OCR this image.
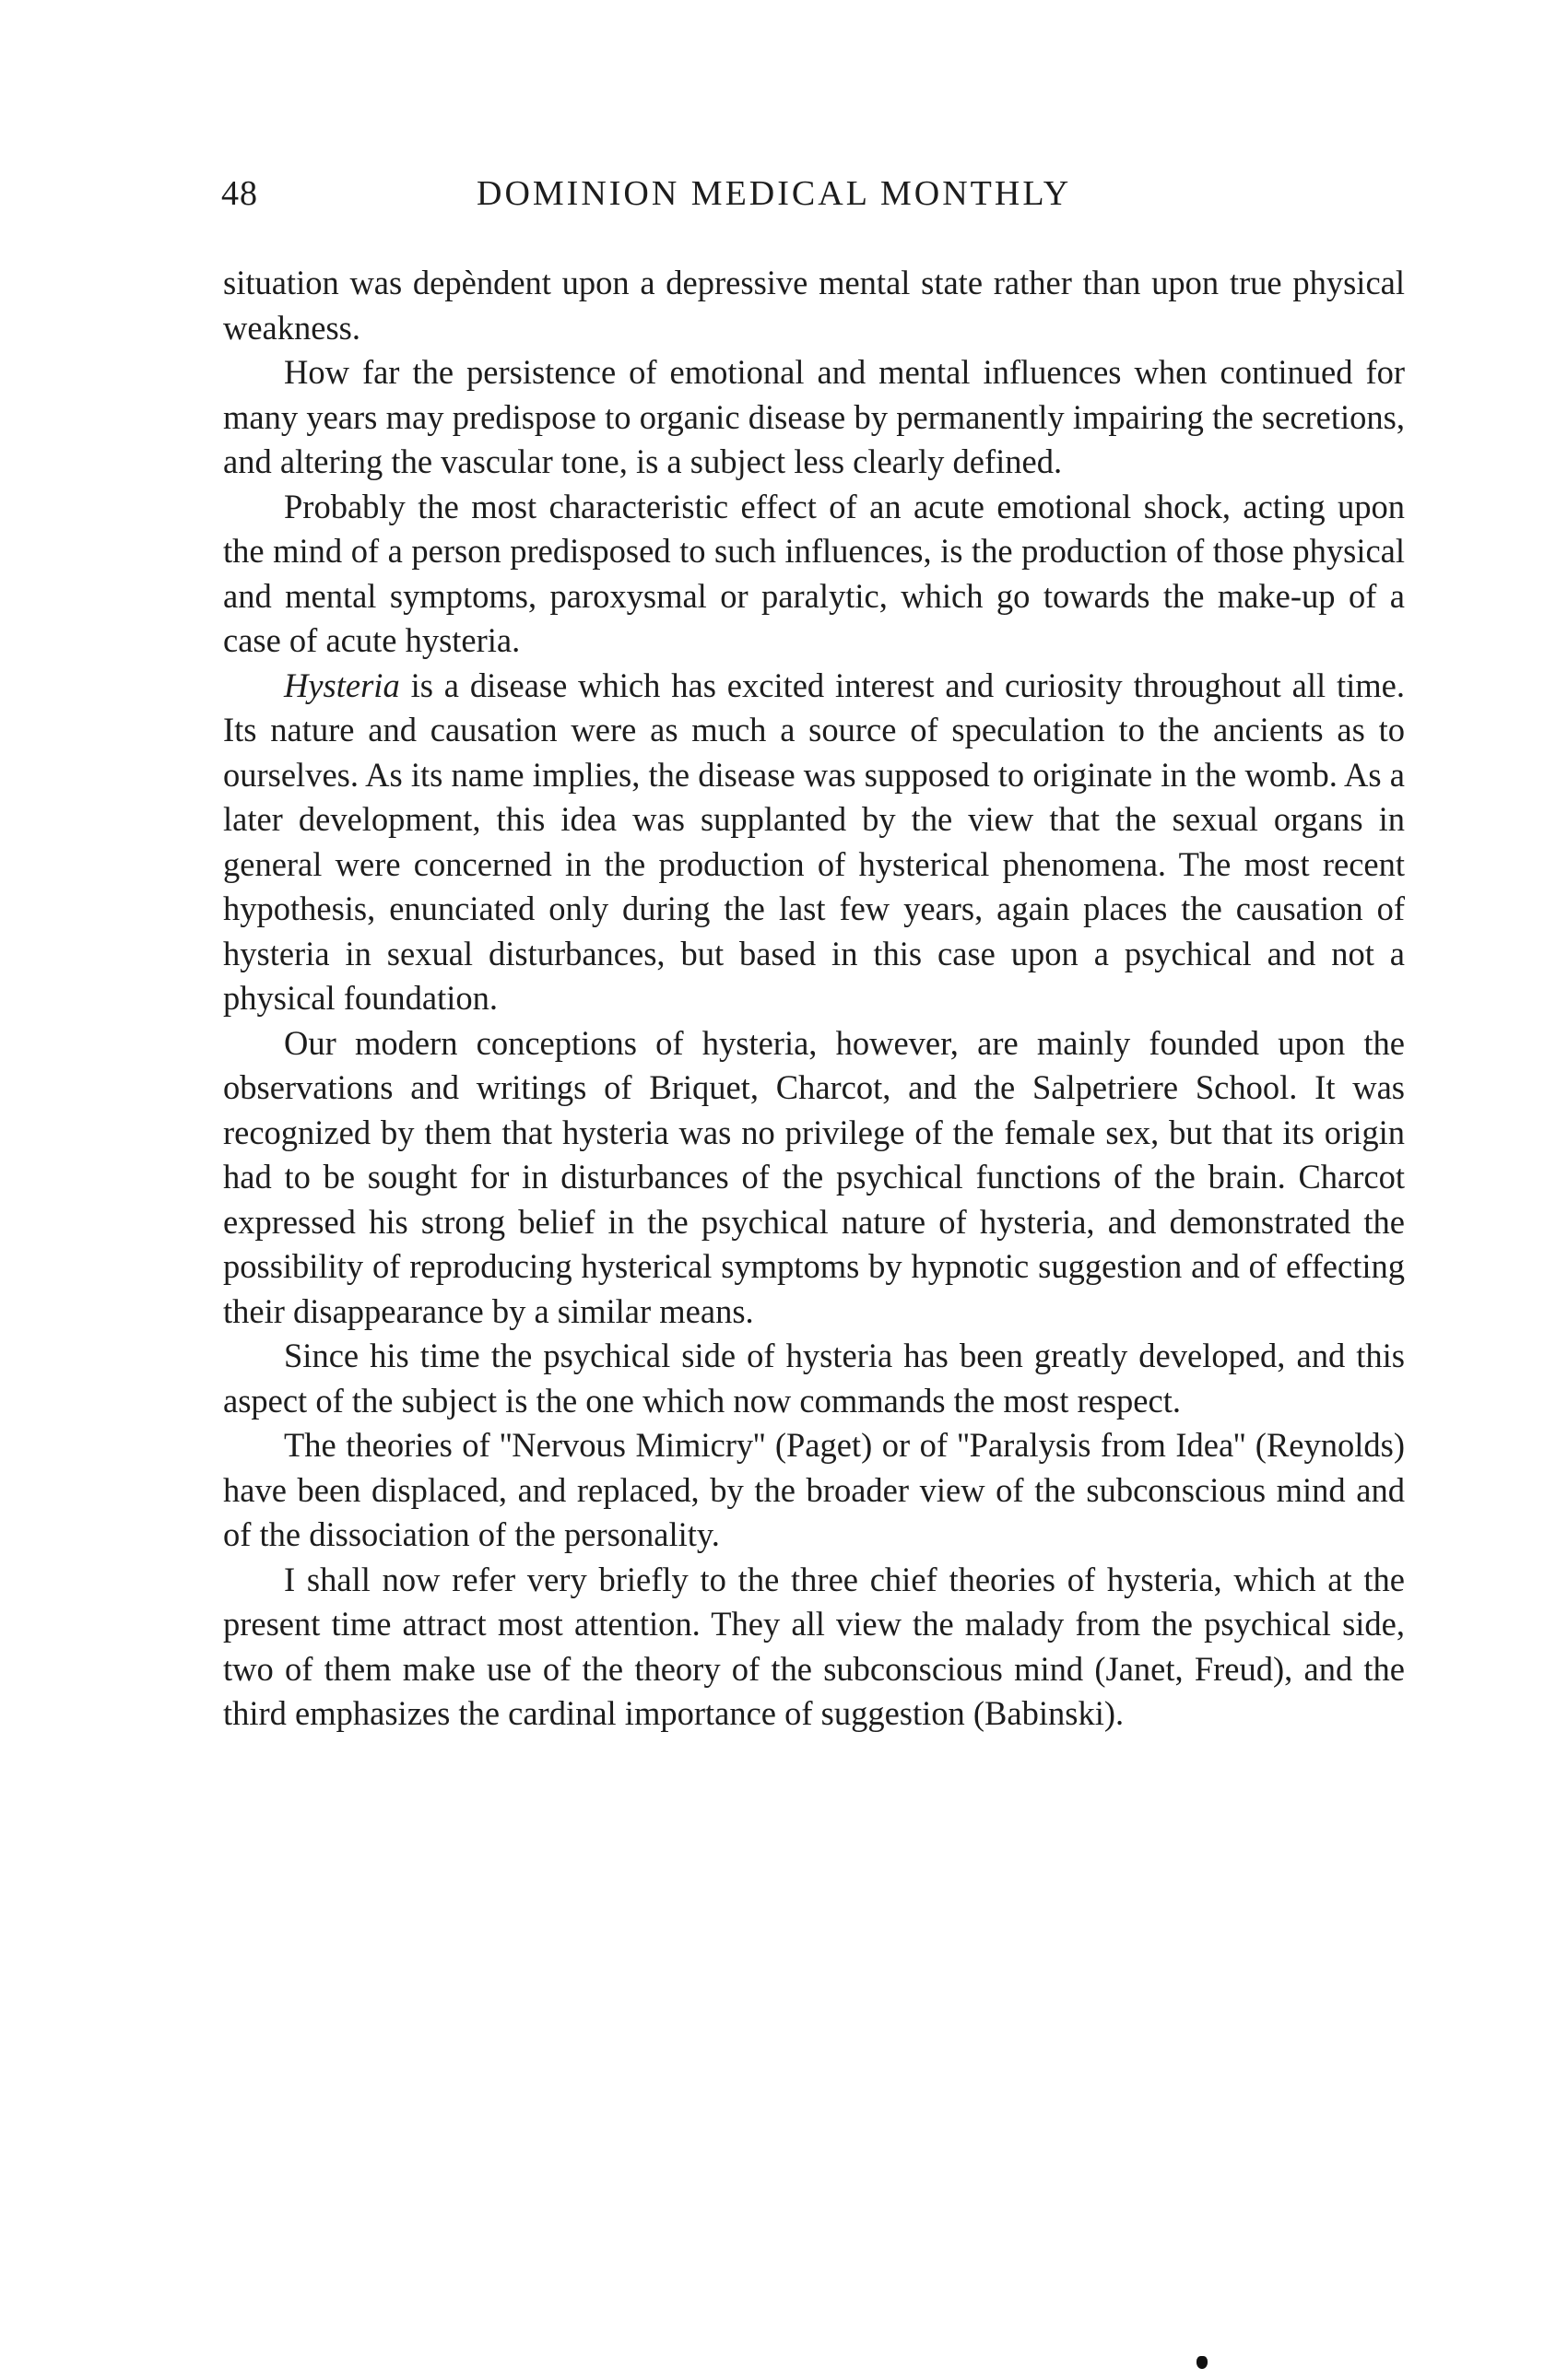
48	DOMINION MEDICAL MONTHLY

situation was depèndent upon a depressive mental state rather than upon true physical weakness.

How far the persistence of emotional and mental influences when continued for many years may predispose to organic disease by permanently impairing the secretions, and altering the vascular tone, is a subject less clearly defined.

Probably the most characteristic effect of an acute emotional shock, acting upon the mind of a person predisposed to such influences, is the production of those physical and mental symptoms, paroxysmal or paralytic, which go towards the make-up of a case of acute hysteria.

Hysteria is a disease which has excited interest and curiosity throughout all time. Its nature and causation were as much a source of speculation to the ancients as to ourselves. As its name implies, the disease was supposed to originate in the womb. As a later development, this idea was supplanted by the view that the sexual organs in general were concerned in the production of hysterical phenomena. The most recent hypothesis, enunciated only during the last few years, again places the causation of hysteria in sexual disturbances, but based in this case upon a psychical and not a physical foundation.

Our modern conceptions of hysteria, however, are mainly founded upon the observations and writings of Briquet, Charcot, and the Salpetriere School. It was recognized by them that hysteria was no privilege of the female sex, but that its origin had to be sought for in disturbances of the psychical functions of the brain. Charcot expressed his strong belief in the psychical nature of hysteria, and demonstrated the possibility of reproducing hysterical symptoms by hypnotic suggestion and of effecting their disappearance by a similar means.

Since his time the psychical side of hysteria has been greatly developed, and this aspect of the subject is the one which now commands the most respect.

The theories of ''Nervous Mimicry'' (Paget) or of ''Paralysis from Idea'' (Reynolds) have been displaced, and replaced, by the broader view of the subconscious mind and of the dissociation of the personality.

I shall now refer very briefly to the three chief theories of hysteria, which at the present time attract most attention. They all view the malady from the psychical side, two of them make use of the theory of the subconscious mind (Janet, Freud), and the third emphasizes the cardinal importance of suggestion (Babinski).
